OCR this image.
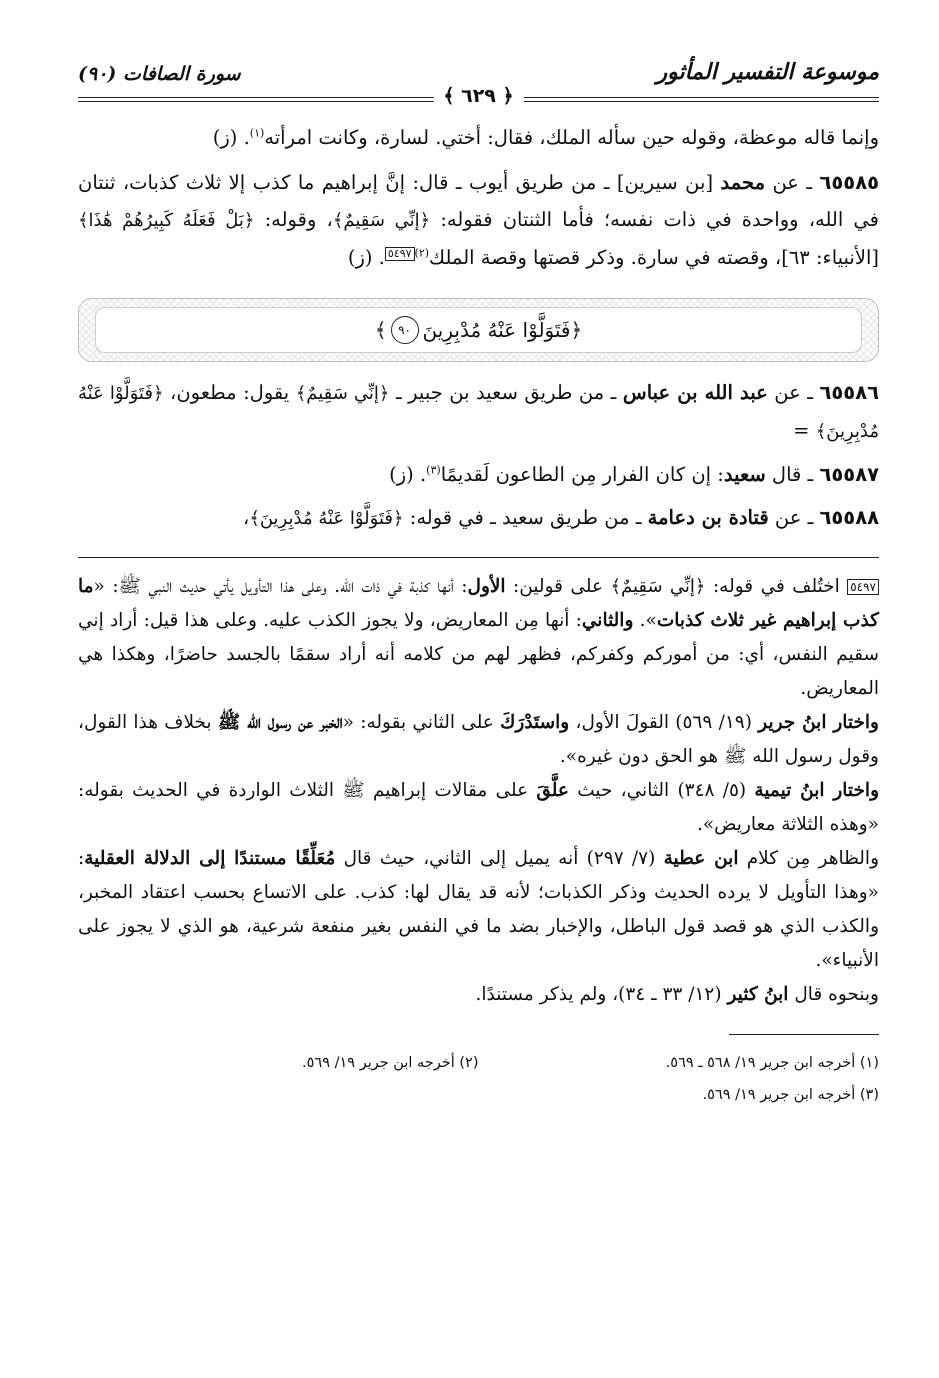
موسوعة التفسير المأثور
سورة الصافات (٩٠)
﴿ ٦٢٩ ﴾

وإنما قاله موعظة، وقوله حين سأله الملك، فقال: أختي. لسارة، وكانت امرأته$^{(١)}$. (ز)

٦٥٥٨٥ ـ عن محمد [بن سيرين] ـ من طريق أيوب ـ قال: إنَّ إبراهيم ما كذب إلا ثلاث كذبات، ثنتان في الله، وواحدة في ذات نفسه؛ فأما الثنتان فقوله: ﴿إنِّي سَقِيمٌ﴾، وقوله: ﴿بَلْ فَعَلَهُ كَبِيرُهُمْ هَٰذَا﴾ [الأنبياء: ٦٣]، وقصته في سارة. وذكر قصتها وقصة الملك$^{(٢)}$٥٤٩٧. (ز)

﴿فَتَوَلَّوْا عَنْهُ مُدْبِرِينَ
٩٠
﴾

٦٥٥٨٦ ـ عن عبد الله بن عباس ـ من طريق سعيد بن جبير ـ ﴿إنِّي سَقِيمٌ﴾ يقول: مطعون، ﴿فَتَوَلَّوْا عَنْهُ مُدْبِرِينَ﴾ =

٦٥٥٨٧ ـ قال سعيد: إن كان الفرار مِن الطاعون لَقديمًا$^{(٣)}$. (ز)

٦٥٥٨٨ ـ عن قتادة بن دعامة ـ من طريق سعيد ـ في قوله: ﴿فَتَوَلَّوْا عَنْهُ مُدْبِرِينَ﴾،

٥٤٩٧ اختُلف في قوله: ﴿إنِّي سَقِيمٌ﴾ على قولين: الأول: أنها كذبة في ذات الله. وعلى هذا التأويل يأتي حديث النبي ﷺ: «ما كذب إبراهيم غير ثلاث كذبات». والثاني: أنها مِن المعاريض، ولا يجوز الكذب عليه. وعلى هذا قيل: أراد إني سقيم النفس، أي: من أموركم وكفركم، فظهر لهم من كلامه أنه أراد سقمًا بالجسد حاضرًا، وهكذا هي المعاريض.

واختار ابنُ جرير (١٩/ ٥٦٩) القولَ الأول، واستَدْرَكَ على الثاني بقوله: «الخبر عن رسول الله ﷺ بخلاف هذا القول، وقول رسول الله ﷺ هو الحق دون غيره».

واختار ابنُ تيمية (٥/ ٣٤٨) الثاني، حيث علَّقَ على مقالات إبراهيم ﷺ الثلاث الواردة في الحديث بقوله: «وهذه الثلاثة معاريض».

والظاهر مِن كلام ابن عطية (٧/ ٢٩٧) أنه يميل إلى الثاني، حيث قال مُعَلِّقًا مستندًا إلى الدلالة العقلية: «وهذا التأويل لا يرده الحديث وذكر الكذبات؛ لأنه قد يقال لها: كذب. على الاتساع بحسب اعتقاد المخبر، والكذب الذي هو قصد قول الباطل، والإخبار بضد ما في النفس بغير منفعة شرعية، هو الذي لا يجوز على الأنبياء».

وبنحوه قال ابنُ كثير (١٢/ ٣٣ ـ ٣٤)، ولم يذكر مستندًا.

(١) أخرجه ابن جرير ١٩/ ٥٦٨ ـ ٥٦٩.
(٢) أخرجه ابن جرير ١٩/ ٥٦٩.
(٣) أخرجه ابن جرير ١٩/ ٥٦٩.
